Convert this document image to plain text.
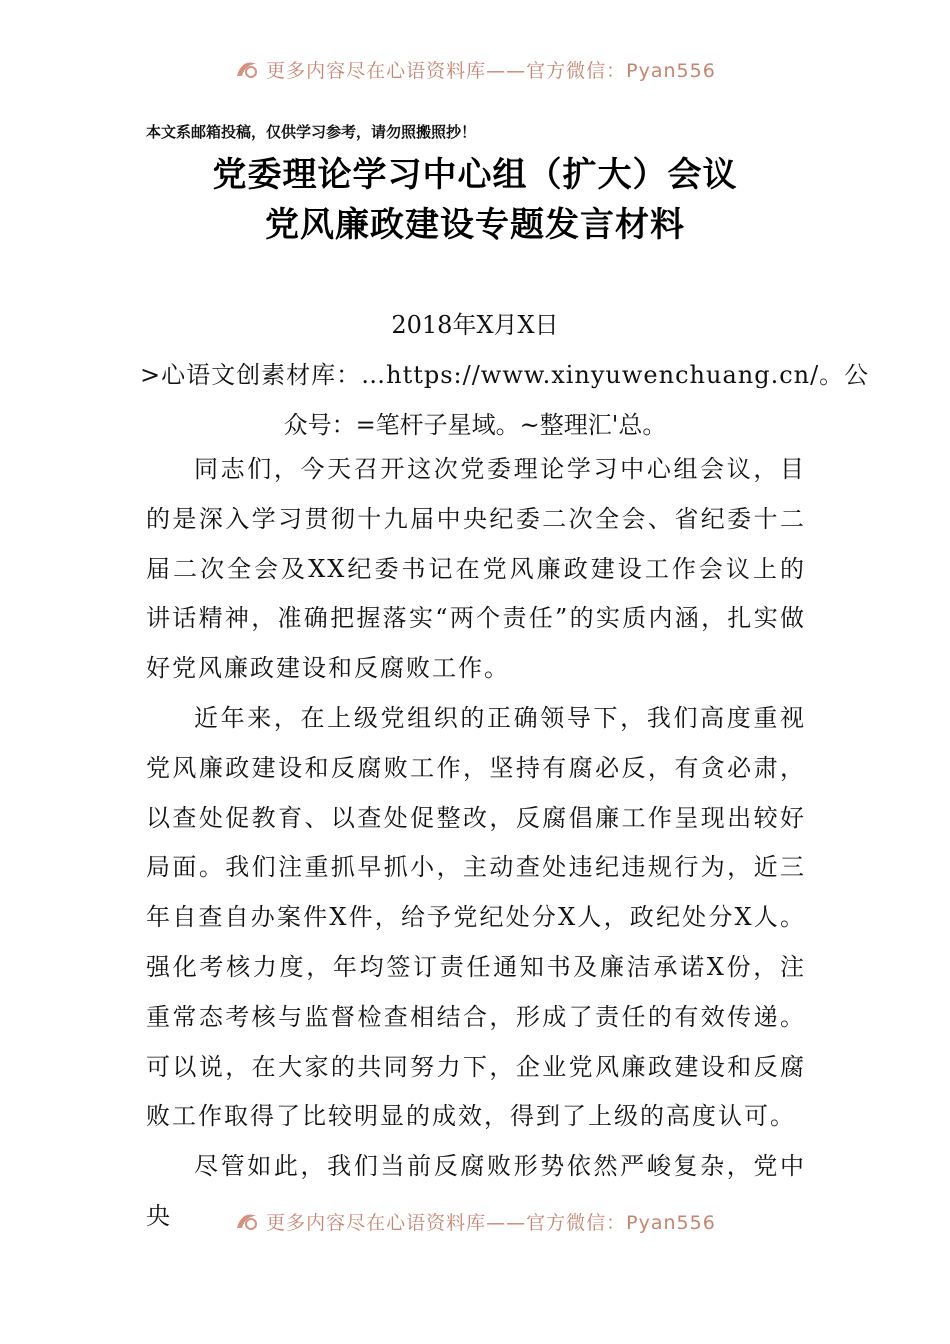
更多内容尽在心语资料库——官方微信：Pyan556
本文系邮箱投稿，仅供学习参考，请勿照搬照抄！
党委理论学习中心组（扩大）会议
党风廉政建设专题发言材料
2018年X月X日
>心语文创素材库：…https://www.xinyuwenchuang.cn/。公
众号：=笔杆子星域。~整理汇'总。

同志们，今天召开这次党委理论学习中心组会议，目的是深入学习贯彻十九届中央纪委二次全会、省纪委十二届二次全会及XX纪委书记在党风廉政建设工作会议上的讲话精神，准确把握落实“两个责任”的实质内涵，扎实做好党风廉政建设和反腐败工作。

近年来，在上级党组织的正确领导下，我们高度重视党风廉政建设和反腐败工作，坚持有腐必反，有贪必肃，以查处促教育、以查处促整改，反腐倡廉工作呈现出较好局面。我们注重抓早抓小，主动查处违纪违规行为，近三年自查自办案件X件，给予党纪处分X人，政纪处分X人。强化考核力度，年均签订责任通知书及廉洁承诺X份，注重常态考核与监督检查相结合，形成了责任的有效传递。可以说，在大家的共同努力下，企业党风廉政建设和反腐败工作取得了比较明显的成效，得到了上级的高度认可。

尽管如此，我们当前反腐败形势依然严峻复杂，党中央	更多内容尽在心语资料库——官方微信：Pyan556
